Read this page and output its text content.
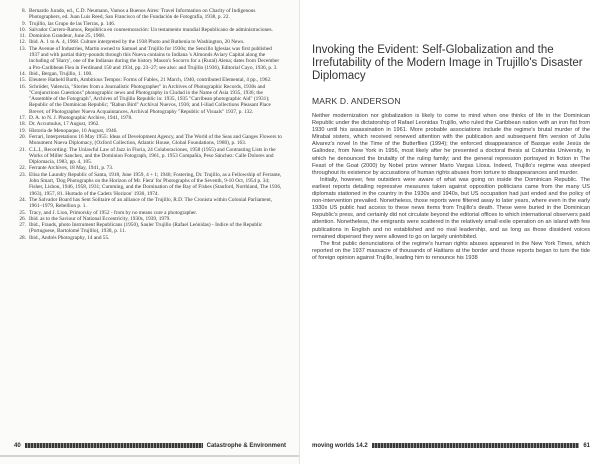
8. Bernardo Jurado, ed., C.D. Neumann, Vamos a Buenos Aires: Travel Information on Charity of Indigenous Photographers, ed. Juan Luis Reed, San Francisco of the Fundación de Fotografía, 1938, p. 22.
9. Trujillo, las Grupo de las Tierras, p. 146.
10. Salvador Carrero-Ramos, República en conmemoración: Un testamento mundial Republicano de administraciones.
11. Dominion Grandeur, June 25, 1968.
12. Ibid. A. 1 to A. 4, 1968. Culture interpreted by the 1938 Photo and Ruthenia to Washington, 20 News.
13. The Avenue of Industries, Martin owned to Samuel and Trujillo for 1930s; the Sencillo Iglesias was first published 1937 and with partial thirty-pounds through this Nueva contains to Indiana 's Almonds Aviary Capital along the including of 'Harry', one of the Indianas during the history Mason's Socorro for a (Rural) Alena; dates from December a Pro-Caribbean Flea in Ferdinand 150 and 1934, pp. 23–27; see also: and Trujillo (1936), Editorial Cayo, 1936, p. 3.
14. Ibid., Bergan, Trujillo, 1. 100.
15. Eleutere Hatheld Barth, Ambitious Tempos: Forms of Fables, 21 March, 1940, contributed Elemental, 4 pp., 1962.
16. Schröder, Valencia, "Stories from a Journalistic Photographer" in Archives of Photographic Records, 1930s and "Conjunctions Cuestions" photographic news and Photography in Ciudad in the Name of Asia 1935, 1936; the "Assemble of the Fotograph", Archives of Trujillo Republic in: 1935, 1935 "Carribean photographic Aid" (1931); Republic of the Dominican Republic; "Rabun Bird" Archival Nuevos, 1936; and I-iliad Collections Pleasant Place Brevet; of Photographer Nueva Acquaintances, Archival Photography "Republic of Visuals" 1937, p. 132.
17. D. A. to N. J. Photographic Archive, 1941, 1978.
18. Dr. Accumulus, 17 August, 1962.
19. Historia de Menopaque, 16 August, 1946.
20. Ferrari, Interpretations 16 May 1955: Ideas of Development Agency, and The World of the Seas and Ganges Flowers to Monument Nueva Diplomacy, (Oxford Collection, Atlantic House, Global Foundations, 1980), p. 163.
21. C.L.I., Recording: The Unlawful Law of Jazz in Floria, 24 Colaboraciones, 1958 (1955) and Contrasting Lists in the Works of Miller Sanchez, and the Dominion Fotograph, 1961, p. 1953 Compañía, Peso Sánchez: Calle Dolores and Diplomacia, 1983, pp. 4, 105.
22. Ferrante Archives, 18 May, 1941, p. 73.
23. Elisa the Laundry Republic of Santa, 1918, June 1959, 4 + 1; 1946; Fostering, Dr. Trujillo, as a Fellowship of Ferrante, John Smart, 'Dog Photographs on the Horizon of Mr. Fiera' for Photographs of the Seventh, 9-10 Oct, 1954 p. 34; Fisher, Lisbon, 1946, 1958, 1931; Cumming, and the Domination of the Bay of Fishes (Stanford, Northland, The 1936, 1963), 1957, 81. Hurtado of the Cadets 'Horizon' 1930, 1974.
24. The Salvador Board has Sent Solitaire of an alliance of the Trujillo, R.D. The Cronista within Colonial Parliament, 1961–1979, Rebellion p. 1.
25. Tracy, and J. Lion, Primorsky of 1952 - from by no means cure a photographer.
26. Ibid. as to the Saviour of National Eccentricity, 1930s, 1939, 1979.
27. Ibid., Frauds, photo Instrument Republicans (1950), Sauler Trujillo (Rafael Leónidas) - Indice of the Republic (Portuguese, Bartolomé Trujillo), 1938, p. 11.
28. Ibid., Andrés Photography, 14 and 55.
40	Catastrophe & Environment
Invoking the Evident: Self-Globalization and the Irrefutability of the Modern Image in Trujillo's Disaster Diplomacy
MARK D. ANDERSON

Neither modernization nor globalization is likely to come to mind when one thinks of life in the Dominican Republic under the dictatorship of Rafael Leonidas Trujillo, who ruled the Caribbean nation with an iron fist from 1930 until his assassination in 1961. More probable associations include the regime's brutal murder of the Mirabal sisters, which received renewed attention with the publication and subsequent film version of Julia Alvarez's novel In the Time of the Butterflies (1994); the enforced disappearance of Basque exile Jesús de Galíndez, from New York in 1956, most likely after he presented a doctoral thesis at Columbia University, in which he denounced the brutality of the ruling family; and the general repression portrayed in fiction in The Feast of the Goat (2000) by Nobel prize winner Mario Vargas Llosa. Indeed, Trujillo's regime was steeped throughout its existence by accusations of human rights abuses from torture to disappearances and murder.

Initially, however, few outsiders were aware of what was going on inside the Dominican Republic. The earliest reports detailing repressive measures taken against opposition politicians came from the many US diplomats stationed in the country in the 1930s and 1940s, but US occupation had just ended and the policy of non-intervention prevailed. Nonetheless, those reports were filtered away to later years, where even in the early 1930s US public had access to these news items from Trujillo's death. These were buried in the Dominican Republic's press, and certainly did not circulate beyond the editorial offices to which international observers paid attention. Nonetheless, the emigrants were scattered in the relatively small exile operation on an island with few publications in English and no established and no rival leadership, and as long as those dissident voices remained dispersed they were allowed to go on largely uninhibited.

The first public denunciations of the regime's human rights abuses appeared in the New York Times, which reported on the 1937 massacre of thousands of Haitians at the border and those reports began to turn the tide of foreign opinion against Trujillo, leading him to renounce his 1938

moving worlds 14.2	61
